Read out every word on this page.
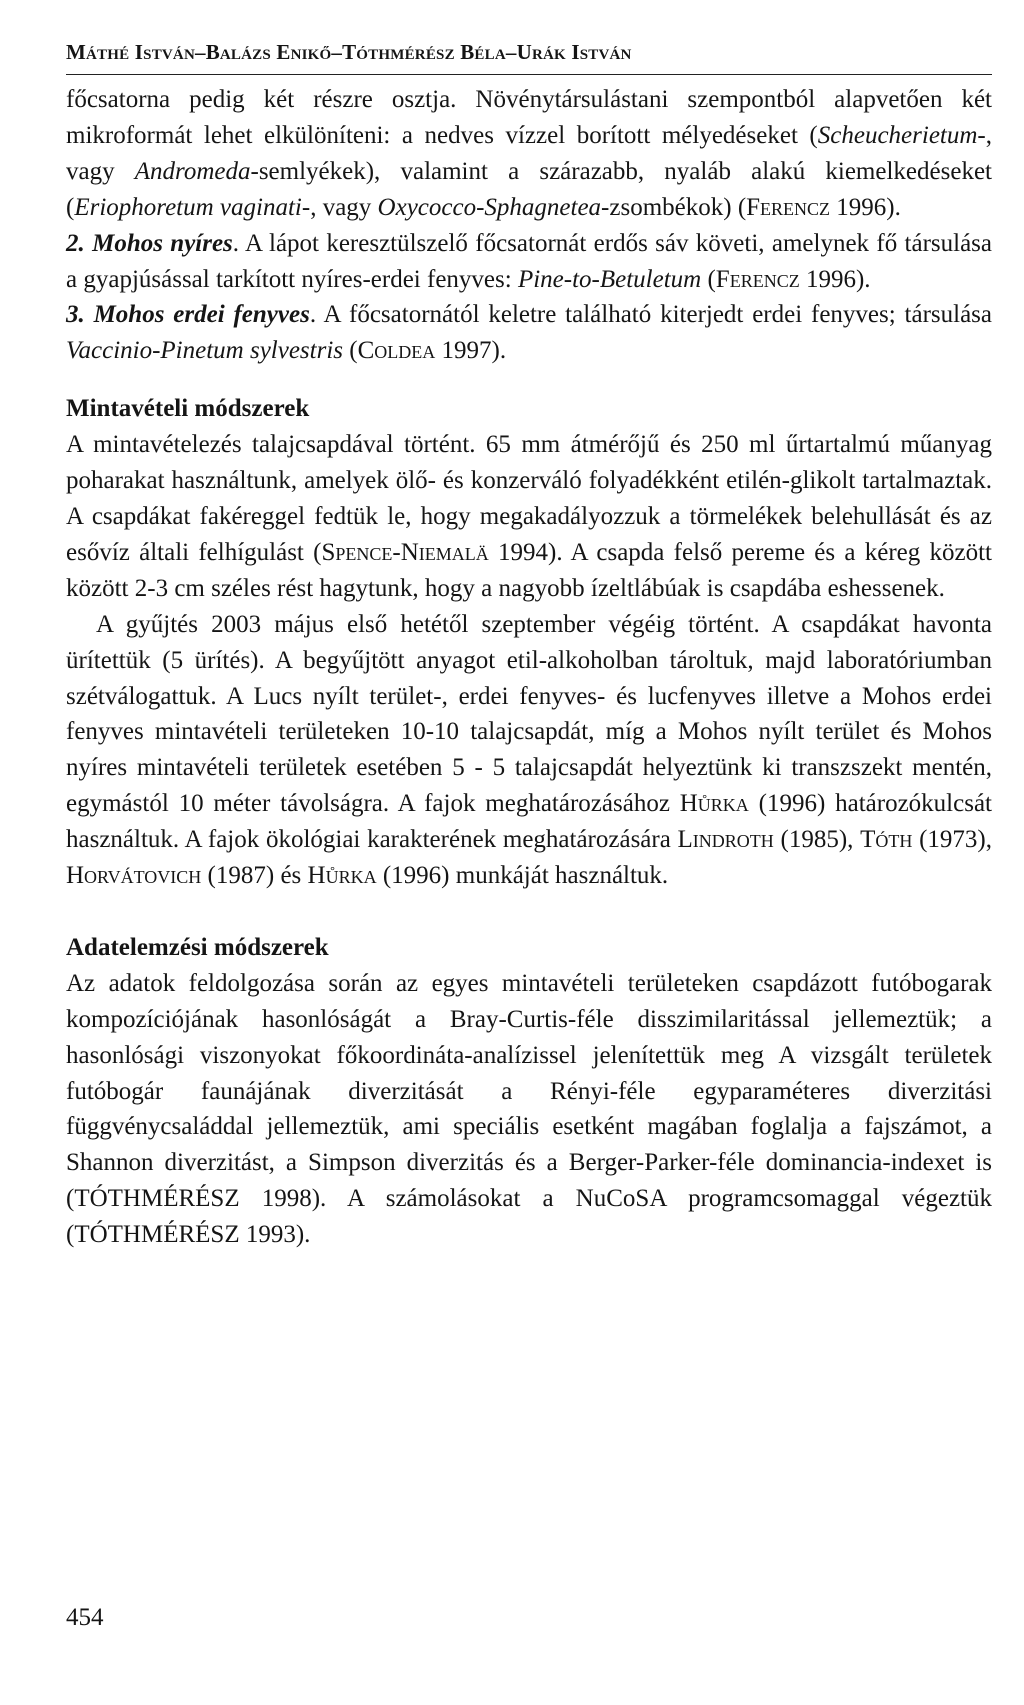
Máthé István–Balázs Enikő–Tóthmérész Béla–Urák István

főcsatorna pedig két részre osztja. Növénytársulástani szempontból alapvetően két mikroformát lehet elkülöníteni: a nedves vízzel borított mélyedéseket (Scheucherietum-, vagy Andromeda-semlyékek), valamint a szárazabb, nyaláb alakú kiemelkedéseket (Eriophoretum vaginati-, vagy Oxycocco-Sphagnetea-zsombékok) (Ferencz 1996).

2. Mohos nyíres. A lápot keresztülszelő főcsatornát erdős sáv követi, amelynek fő társulása a gyapjúsással tarkított nyíres-erdei fenyves: Pine-to-Betuletum (Ferencz 1996).

3. Mohos erdei fenyves. A főcsatornától keletre található kiterjedt erdei fenyves; társulása Vaccinio-Pinetum sylvestris (Coldea 1997).

Mintavételi módszerek

A mintavételezés talajcsapdával történt. 65 mm átmérőjű és 250 ml űrtartalmú műanyag poharakat használtunk, amelyek ölő- és konzerváló folyadékként etilén-glikolt tartalmaztak. A csapdákat fakéreggel fedtük le, hogy megakadályozzuk a törmelékek belehullását és az esővíz általi felhígulást (Spence-Niemalä 1994). A csapda felső pereme és a kéreg között között 2-3 cm széles rést hagytunk, hogy a nagyobb ízeltlábúak is csapdába eshessenek.

A gyűjtés 2003 május első hetétől szeptember végéig történt. A csapdákat havonta ürítettük (5 ürítés). A begyűjtött anyagot etil-alkoholban tároltuk, majd laboratóriumban szétválogattuk. A Lucs nyílt terület-, erdei fenyves- és lucfenyves illetve a Mohos erdei fenyves mintavételi területeken 10-10 talajcsapdát, míg a Mohos nyílt terület és Mohos nyíres mintavételi területek esetében 5 - 5 talajcsapdát helyeztünk ki transzszekt mentén, egymástól 10 méter távolságra. A fajok meghatározásához Hůrka (1996) határozókulcsát használtuk. A fajok ökológiai karakterének meghatározására Lindroth (1985), Tóth (1973), Horvátovich (1987) és Hůrka (1996) munkáját használtuk.

Adatelemzési módszerek

Az adatok feldolgozása során az egyes mintavételi területeken csapdázott futóbogarak kompozíciójának hasonlóságát a Bray-Curtis-féle disszimilaritással jellemeztük; a hasonlósági viszonyokat főkoordináta-analízissel jelenítettük meg A vizsgált területek futóbogár faunájának diverzitását a Rényi-féle egyparaméteres diverzitási függvénycsaláddal jellemeztük, ami speciális esetként magában foglalja a fajszámot, a Shannon diverzitást, a Simpson diverzitás és a Berger-Parker-féle dominancia-indexet is (TÓTHMÉRÉSZ 1998). A számolásokat a NuCoSA programcsomaggal végeztük (TÓTHMÉRÉSZ 1993).

454
